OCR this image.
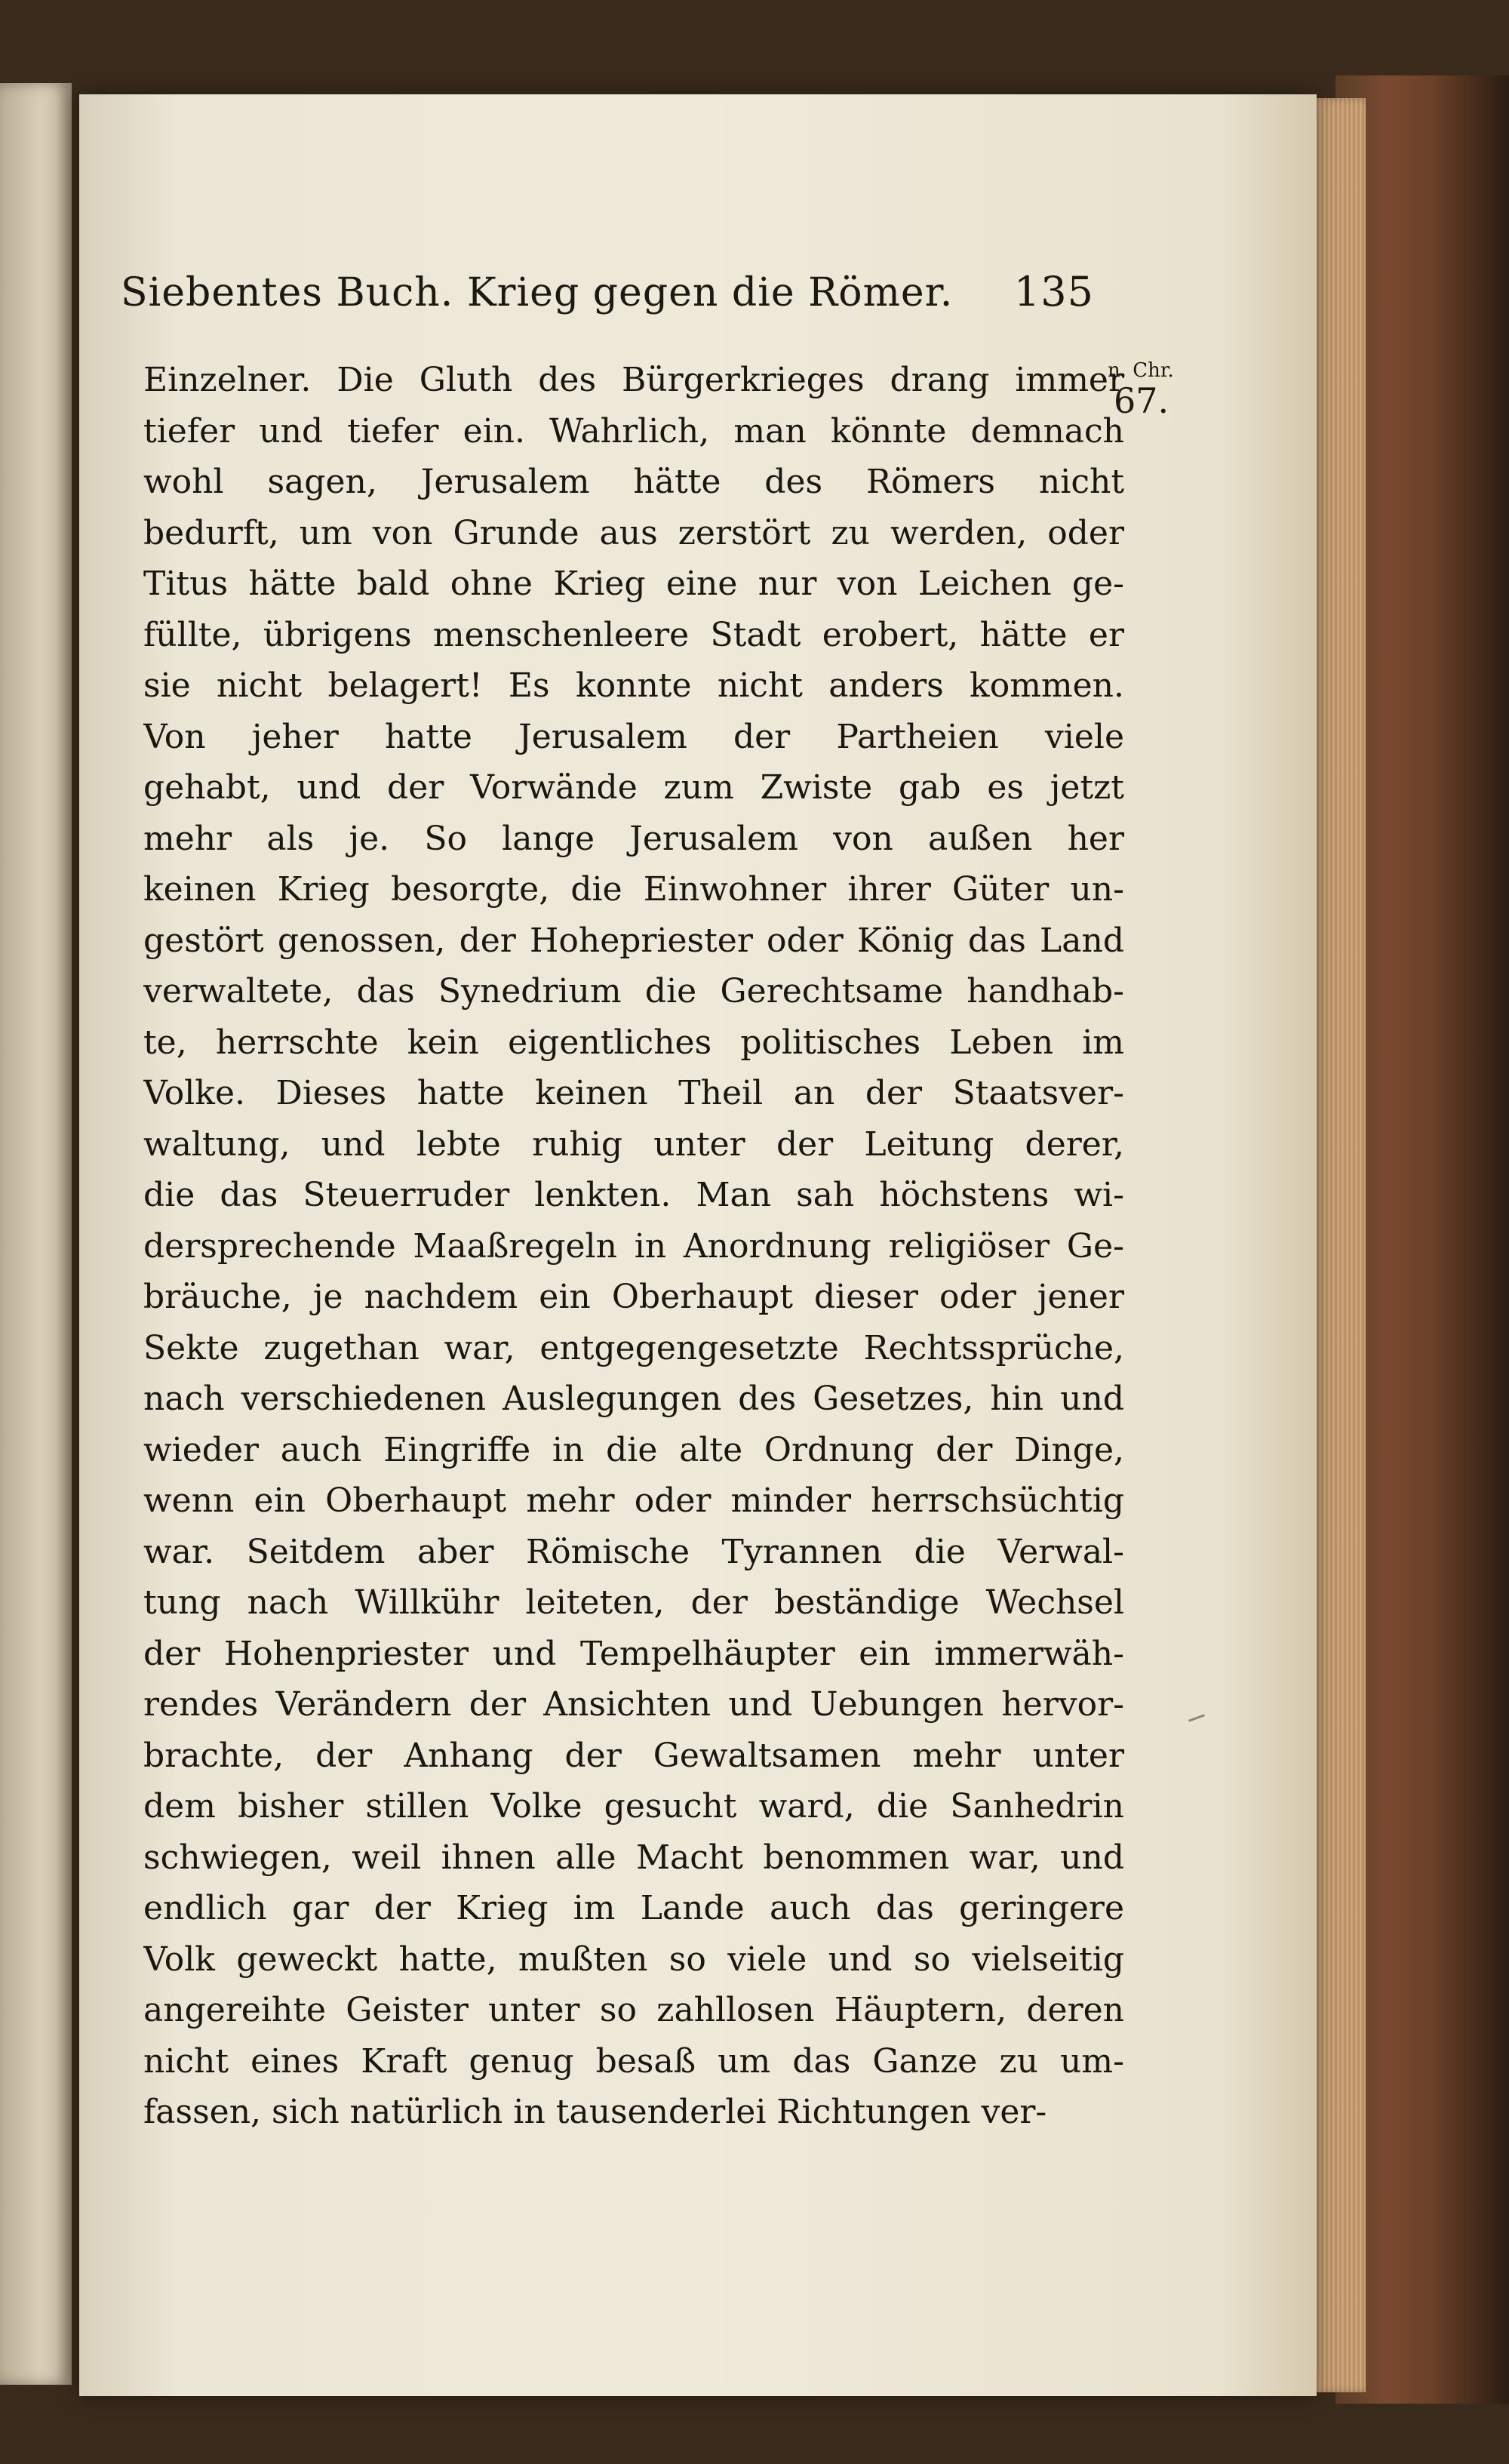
Siebentes Buch. Krieg gegen die Römer. 135
n. Chr.
67.
Einzelner. Die Gluth des Bürgerkrieges drang immer
tiefer und tiefer ein. Wahrlich, man könnte demnach
wohl sagen, Jerusalem hätte des Römers nicht
bedurft, um von Grunde aus zerstört zu werden, oder
Titus hätte bald ohne Krieg eine nur von Leichen ge-
füllte, übrigens menschenleere Stadt erobert, hätte er
sie nicht belagert! Es konnte nicht anders kommen.
Von jeher hatte Jerusalem der Partheien viele
gehabt, und der Vorwände zum Zwiste gab es jetzt
mehr als je. So lange Jerusalem von außen her
keinen Krieg besorgte, die Einwohner ihrer Güter un-
gestört genossen, der Hohepriester oder König das Land
verwaltete, das Synedrium die Gerechtsame handhab-
te, herrschte kein eigentliches politisches Leben im
Volke. Dieses hatte keinen Theil an der Staatsver-
waltung, und lebte ruhig unter der Leitung derer,
die das Steuerruder lenkten. Man sah höchstens wi-
dersprechende Maaßregeln in Anordnung religiöser Ge-
bräuche, je nachdem ein Oberhaupt dieser oder jener
Sekte zugethan war, entgegengesetzte Rechtssprüche,
nach verschiedenen Auslegungen des Gesetzes, hin und
wieder auch Eingriffe in die alte Ordnung der Dinge,
wenn ein Oberhaupt mehr oder minder herrschsüchtig
war. Seitdem aber Römische Tyrannen die Verwal-
tung nach Willkühr leiteten, der beständige Wechsel
der Hohenpriester und Tempelhäupter ein immerwäh-
rendes Verändern der Ansichten und Uebungen hervor-
brachte, der Anhang der Gewaltsamen mehr unter
dem bisher stillen Volke gesucht ward, die Sanhedrin
schwiegen, weil ihnen alle Macht benommen war, und
endlich gar der Krieg im Lande auch das geringere
Volk geweckt hatte, mußten so viele und so vielseitig
angereihte Geister unter so zahllosen Häuptern, deren
nicht eines Kraft genug besaß um das Ganze zu um-
fassen, sich natürlich in tausenderlei Richtungen ver-
